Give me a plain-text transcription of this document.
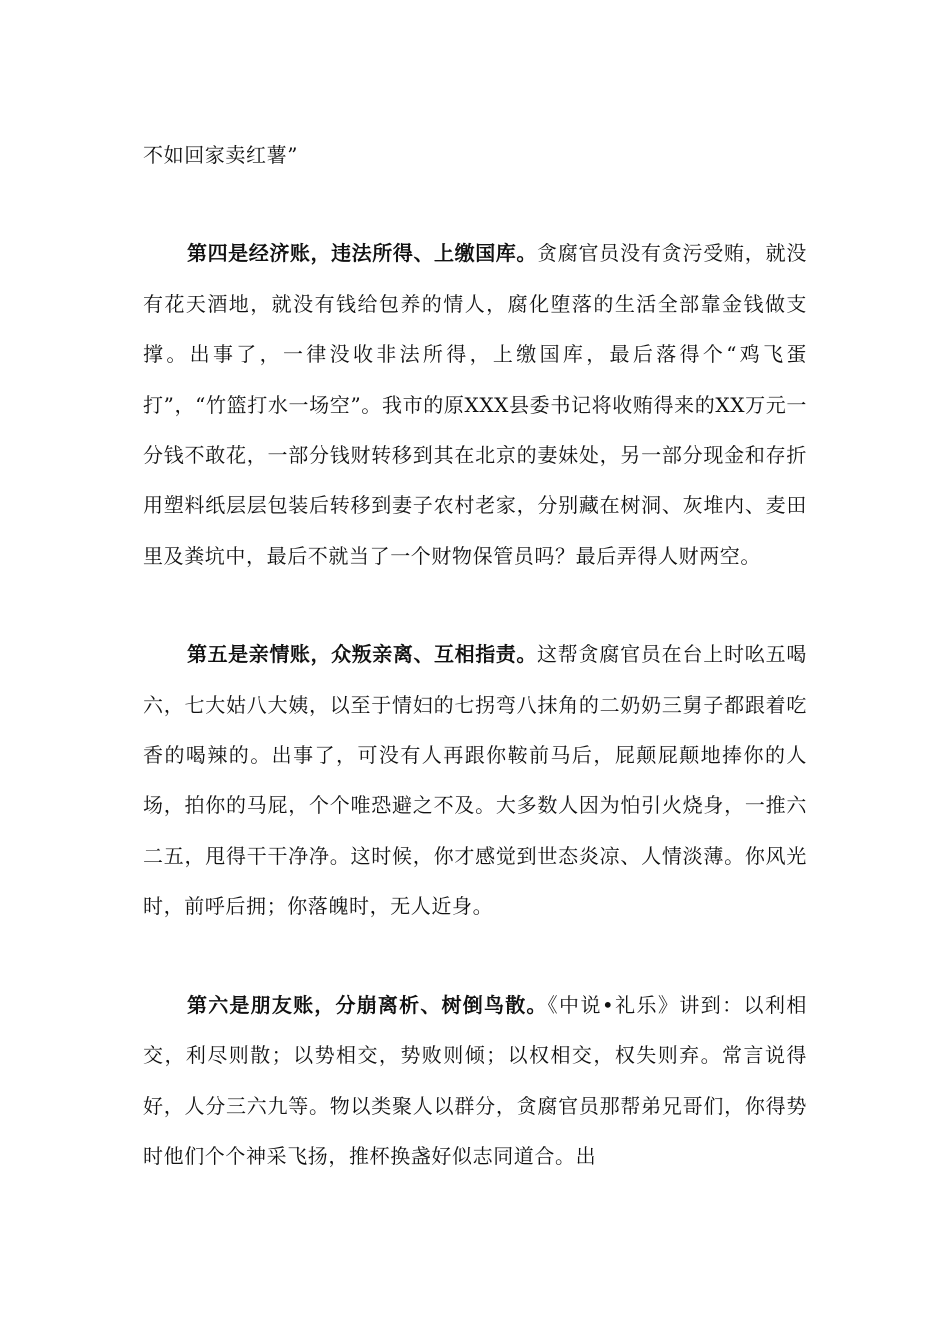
不如回家卖红薯”

第四是经济账，违法所得、上缴国库。贪腐官员没有贪污受贿，就没有花天酒地，就没有钱给包养的情人，腐化堕落的生活全部靠金钱做支撑。出事了，一律没收非法所得，上缴国库，最后落得个“鸡飞蛋打”，“竹篮打水一场空”。我市的原XXX县委书记将收贿得来的XX万元一分钱不敢花，一部分钱财转移到其在北京的妻妹处，另一部分现金和存折用塑料纸层层包装后转移到妻子农村老家，分别藏在树洞、灰堆内、麦田里及粪坑中，最后不就当了一个财物保管员吗？最后弄得人财两空。

第五是亲情账，众叛亲离、互相指责。这帮贪腐官员在台上时吆五喝六，七大姑八大姨，以至于情妇的七拐弯八抹角的二奶奶三舅子都跟着吃香的喝辣的。出事了，可没有人再跟你鞍前马后，屁颠屁颠地捧你的人场，拍你的马屁，个个唯恐避之不及。大多数人因为怕引火烧身，一推六二五，甩得干干净净。这时候，你才感觉到世态炎凉、人情淡薄。你风光时，前呼后拥；你落魄时，无人近身。

第六是朋友账，分崩离析、树倒鸟散。《中说•礼乐》讲到：以利相交，利尽则散；以势相交，势败则倾；以权相交，权失则弃。常言说得好，人分三六九等。物以类聚人以群分，贪腐官员那帮弟兄哥们，你得势时他们个个神采飞扬，推杯换盏好似志同道合。出
